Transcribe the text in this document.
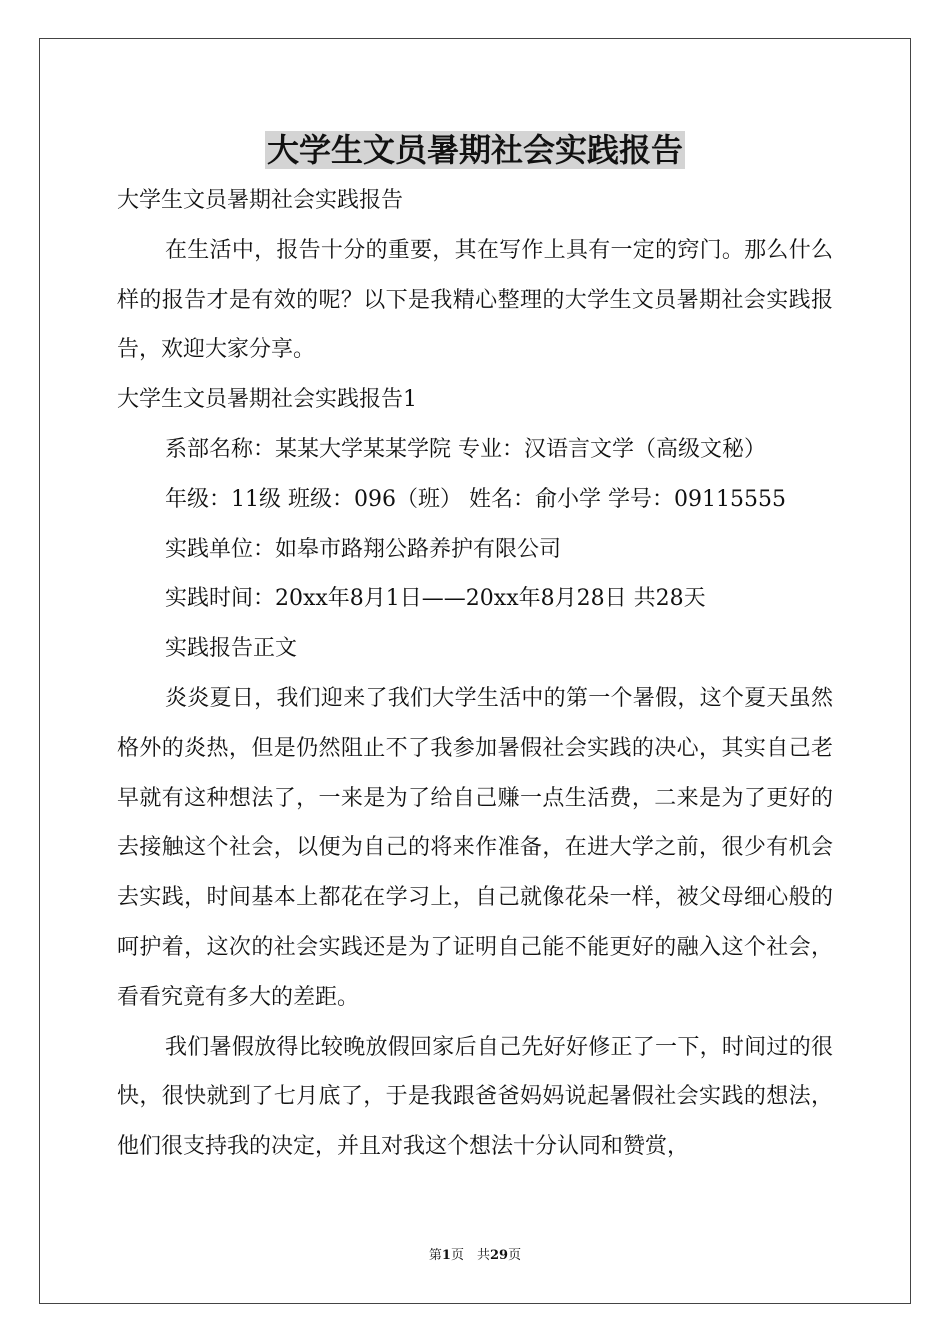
大学生文员暑期社会实践报告

大学生文员暑期社会实践报告

在生活中，报告十分的重要，其在写作上具有一定的窍门。那么什么样的报告才是有效的呢？以下是我精心整理的大学生文员暑期社会实践报告，欢迎大家分享。

大学生文员暑期社会实践报告1

系部名称：某某大学某某学院 专业：汉语言文学（高级文秘）

年级：11级 班级：096（班） 姓名：俞小学 学号：09115555

实践单位：如皋市路翔公路养护有限公司

实践时间：20xx年8月1日——20xx年8月28日 共28天

实践报告正文

炎炎夏日，我们迎来了我们大学生活中的第一个暑假，这个夏天虽然格外的炎热，但是仍然阻止不了我参加暑假社会实践的决心，其实自己老早就有这种想法了，一来是为了给自己赚一点生活费，二来是为了更好的去接触这个社会，以便为自己的将来作准备，在进大学之前，很少有机会去实践，时间基本上都花在学习上，自己就像花朵一样，被父母细心般的呵护着，这次的社会实践还是为了证明自己能不能更好的融入这个社会，看看究竟有多大的差距。

我们暑假放得比较晚放假回家后自己先好好修正了一下，时间过的很快，很快就到了七月底了，于是我跟爸爸妈妈说起暑假社会实践的想法，他们很支持我的决定，并且对我这个想法十分认同和赞赏，

第1页　共29页
